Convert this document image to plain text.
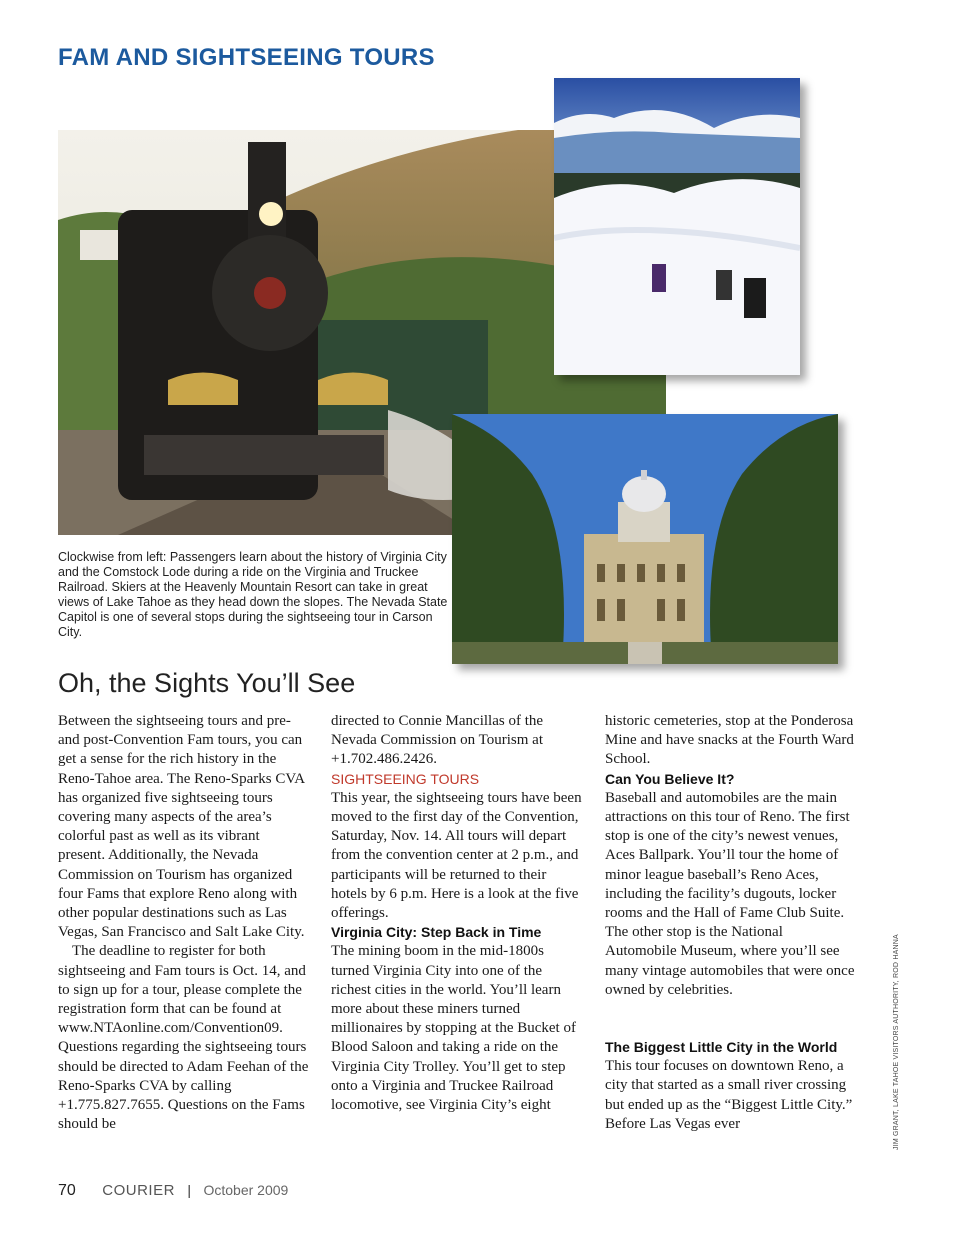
FAM AND SIGHTSEEING TOURS
Clockwise from left: Passengers learn about the history of Virginia City and the Comstock Lode during a ride on the Virginia and Truckee Railroad. Skiers at the Heavenly Mountain Resort can take in great views of Lake Tahoe as they head down the slopes. The Nevada State Capitol is one of several stops during the sightseeing tour in Carson City.
Oh, the Sights You’ll See

Between the sightseeing tours and pre- and post-Convention Fam tours, you can get a sense for the rich history in the Reno-Tahoe area. The Reno-Sparks CVA has organized five sightseeing tours covering many aspects of the area’s colorful past as well as its vibrant present. Additionally, the Nevada Commission on Tourism has organized four Fams that explore Reno along with other popular destinations such as Las Vegas, San Francisco and Salt Lake City.

The deadline to register for both sightseeing and Fam tours is Oct. 14, and to sign up for a tour, please complete the registration form that can be found at www.NTAonline.com/Convention09. Questions regarding the sightseeing tours should be directed to Adam Feehan of the Reno-Sparks CVA by calling +1.775.827.7655. Questions on the Fams should be

directed to Connie Mancillas of the Nevada Commission on Tourism at +1.702.486.2426.

SIGHTSEEING TOURS

This year, the sightseeing tours have been moved to the first day of the Convention, Saturday, Nov. 14. All tours will depart from the convention center at 2 p.m., and participants will be returned to their hotels by 6 p.m. Here is a look at the five offerings.

Virginia City: Step Back in Time

The mining boom in the mid-1800s turned Virginia City into one of the richest cities in the world. You’ll learn more about these miners turned millionaires by stopping at the Bucket of Blood Saloon and taking a ride on the Virginia City Trolley. You’ll get to step onto a Virginia and Truckee Railroad locomotive, see Virginia City’s eight

historic cemeteries, stop at the Ponderosa Mine and have snacks at the Fourth Ward School.

Can You Believe It?

Baseball and automobiles are the main attractions on this tour of Reno. The first stop is one of the city’s newest venues, Aces Ballpark. You’ll tour the home of minor league baseball’s Reno Aces, including the facility’s dugouts, locker rooms and the Hall of Fame Club Suite. The other stop is the National Automobile Museum, where you’ll see many vintage automobiles that were once owned by celebrities.

The Biggest Little City in the World

This tour focuses on downtown Reno, a city that started as a small river crossing but ended up as the “Biggest Little City.” Before Las Vegas ever	JIM GRANT, LAKE TAHOE VISITORS AUTHORITY, ROD HANNA
70 COURIER | October 2009
